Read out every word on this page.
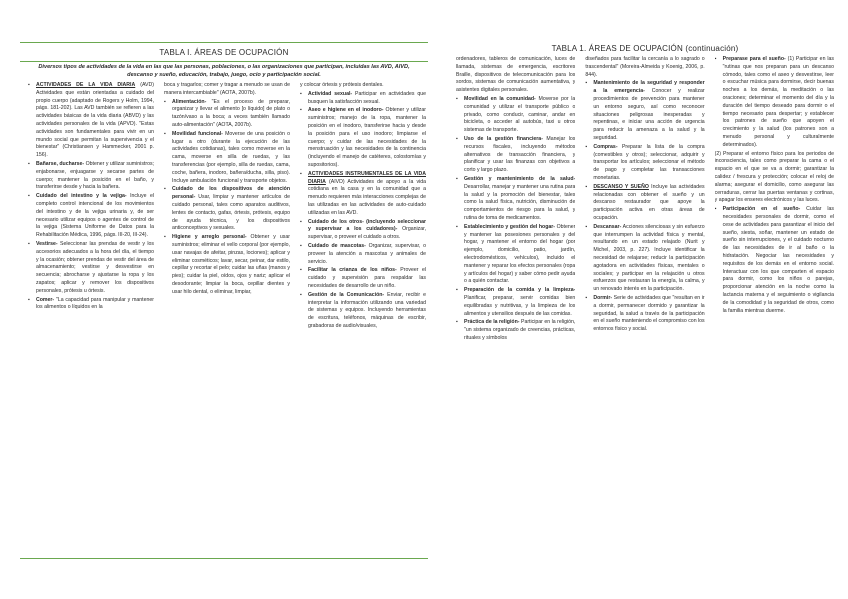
TABLA I. ÁREAS DE OCUPACIÓN
Diversos tipos de actividades de la vida en las que las personas, poblaciones, o las organizaciones que participan, incluidas las AVD, AIVD, descanso y sueño, educación, trabajo, juego, ocio y participación social.

▪ ACTIVIDADES DE LA VIDA DIARIA (AVD) Actividades que están orientadas a cuidado del propio cuerpo (adaptado de Rogers y Holm, 1994, págs. 181-202). Las AVD también se refieren a las actividades básicas de la vida diaria (ABVD) y las actividades personales de la vida (APVD). "Estas actividades son fundamentales para vivir en un mundo social que permitan la supervivencia y el bienestar" (Christiansen y Hammecker, 2001 p. 156).

▪ Bañarse, ducharse- Obtener y utilizar suministros; enjabonarse, enjuagarse y secarse partes de cuerpo; mantener la posición en el baño, y transferirse desde y hacia la bañera.

▪ Cuidado del intestino y la vejiga- Incluye el completo control intencional de los movimientos del intestino y de la vejiga urinaria y, de ser necesario utilizar equipos o agentes de control de la vejiga (Sistema Uniforme de Datos para la Rehabilitación Médica, 1996, págs. III-20, III-24).

▪ Vestirse- Seleccionar las prendas de vestir y los accesorios adecuados a la hora del día, el tiempo y la ocasión; obtener prendas de vestir del área de almacenamiento; vestirse y desvestirse en secuencia; abrocharse y ajustarse la ropa y los zapatos; aplicar y remover los dispositivos personales, prótesis u órtesis.

▪ Comer- "La capacidad para manipular y mantener los alimentos o líquidos en la

boca y tragarlos; comer y tragar a menudo se usan de manera intercambiable" (AOTA, 2007b).

▪ Alimentación- "Es el proceso de preparar, organizar y llevar el alimento [o líquido] de plato o tazón/vaso a la boca; a veces también llamado auto-alimentación" (AOTA, 2007b).

▪ Movilidad funcional- Moverse de una posición o lugar a otro (durante la ejecución de las actividades cotidianas), tales como moverse en la cama, moverse en silla de ruedas, y las transferencias (por ejemplo, silla de ruedas, cama, coche, bañera, inodoro, bañera/ducha, silla, piso). Incluye ambulación funcional y transporte objetos.

▪ Cuidado de los dispositivos de atención personal- Usar, limpiar y mantener artículos de cuidado personal, tales como aparatos auditivos, lentes de contacto, gafas, órtesis, prótesis, equipo de ayuda técnica, y los dispositivos anticonceptivos y sexuales.

▪ Higiene y arreglo personal- Obtener y usar suministros; eliminar el vello corporal (por ejemplo, usar navajas de afeitar, pinzas, lociones); aplicar y eliminar cosméticos; lavar, secar, peinar, dar estilo, cepillar y recortar el pelo; cuidar las uñas (manos y pies); cuidar la piel, oídos, ojos y nariz; aplicar el desodorante; limpiar la boca, cepillar dientes y usar hilo dental, o eliminar, limpiar,

y colocar órtesis y prótesis dentales.

▪ Actividad sexual- Participar en actividades que busquen la satisfacción sexual.

▪ Aseo e higiene en el inodoro- Obtener y utilizar suministros; manejo de la ropa, mantener la posición en el inodoro, transferirse hacia y desde la posición para el uso inodoro; limpiarse el cuerpo; y cuidar de las necesidades de la menstruación y las necesidades de la continencia (incluyendo el manejo de catéteres, colostomías y supositorios).

▪ ACTIVIDADES INSTRUMENTALES DE LA VIDA DIARIA (AIVD) Actividades de apoyo a la vida cotidiana en la casa y en la comunidad que a menudo requieren más interacciones complejas de las utilizadas en las actividades de auto-cuidado utilizadas en las AVD.

▪ Cuidado de los otros- (incluyendo seleccionar y supervisar a los cuidadores)- Organizar, supervisar, o proveer el cuidado a otros.

▪ Cuidado de mascotas- Organizar, supervisar, o proveer la atención a mascotas y animales de servicio.

▪ Facilitar la crianza de los niños- Proveer el cuidado y supervisión para respaldar las necesidades de desarrollo de un niño.

▪ Gestión de la Comunicación- Enviar, recibir e interpretar la información utilizando una variedad de sistemas y equipos. Incluyendo herramientas de escritura, teléfonos, máquinas de escribir, grabadoras de audio/visuales,

TABLA 1. ÁREAS DE OCUPACIÓN (continuación)

ordenadores, tableros de comunicación, luces de llamada, sistemas de emergencia, escritores Braille, dispositivos de telecomunicación para los sordos, sistemas de comunicación aumentativa, y asistentes digitales personales.

▪ Movilidad en la comunidad- Moverse por la comunidad y utilizar el transporte público o privado, como conducir, caminar, andar en bicicleta, o acceder al autobús, taxi u otros sistemas de transporte.

▪ Uso de la gestión financiera- Manejar los recursos fiscales, incluyendo métodos alternativos de transacción financiera, y planificar y usar las finanzas con objetivos a corto y largo plazo.

▪ Gestión y mantenimiento de la salud- Desarrollar, manejar y mantener una rutina para la salud y la promoción del bienestar, tales como la salud física, nutrición, disminución de comportamientos de riesgo para la salud, y rutina de toma de medicamentos.

▪ Establecimiento y gestión del hogar- Obtener y mantener las posesiones personales y del hogar, y mantener el entorno del hogar (por ejemplo, domicilio, patio, jardín, electrodomésticos, vehículos), incluido el mantener y reparar los efectos personales (ropa y artículos del hogar) y saber cómo pedir ayuda o a quién contactar.

▪ Preparación de la comida y la limpieza- Planificar, preparar, servir comidas bien equilibradas y nutritivas, y la limpieza de los alimentos y utensilios después de las comidas.

▪ Práctica de la religión- Participar en la religión, "un sistema organizado de creencias, prácticas, rituales y símbolos

diseñados para facilitar la cercanía a lo sagrado o trascendental" (Moreira-Almeida y Koenig, 2006, p. 844).

▪ Mantenimiento de la seguridad y responder a la emergencia- Conocer y realizar procedimientos de prevención para mantener un entorno seguro, así como reconocer situaciones peligrosas inesperadas y repentinas, e iniciar una acción de urgencia para reducir la amenaza a la salud y la seguridad.

▪ Compras- Preparar la lista de la compra (comestibles y otros); seleccionar, adquirir y transportar los artículos; seleccionar el método de pago y completar las transacciones monetarias.

▪ DESCANSO Y SUEÑO Incluye las actividades relacionadas con obtener el sueño y un descanso restaurador que apoye la participación activa en otras áreas de ocupación.

▪ Descansar- Acciones silenciosas y sin esfuerzo que interrumpen la actividad física y mental, resultando en un estado relajado (Nurit y Michel, 2003, p. 227). Incluye identificar la necesidad de relajarse; reducir la participación agotadora en actividades físicas, mentales o sociales; y participar en la relajación u otros esfuerzos que restauran la energía, la calma, y un renovado interés en la participación.

▪ Dormir- Serie de actividades que "resultan en ir a dormir, permanecer dormido y garantizar la seguridad, la salud a través de la participación en el sueño manteniendo el compromiso con los entornos físico y social.

▪ Preparase para el sueño- (1) Participar en las "rutinas que nos preparan para un descanso cómodo, tales como el aseo y desvestirse, leer o escuchar música para dormirse, decir buenas noches a los demás, la meditación o las oraciones; determinar el momento del día y la duración del tiempo deseado para dormir o el tiempo necesario para despertar; y establecer los patrones de sueño que apoyen el crecimiento y la salud (los patrones son a menudo personal y culturalmente determinados).

(2) Preparar el entorno físico para los periodos de inconsciencia, tales como preparar la cama o el espacio en el que se va a dormir; garantizar la calidez / frescura y protección; colocar el reloj de alarma; asegurar el domicilio, como asegurar las cerraduras, cerrar las puertas ventanas y cortinas, y apagar los enseres electrónicos y las luces.

▪ Participación en el sueño- Cuidar las necesidades personales de dormir, como el cese de actividades para garantizar el inicio del sueño, siesta, soñar, mantener un estado de sueño sin interrupciones, y el cuidado nocturno de las necesidades de ir al baño o la hidratación. Negociar las necesidades y requisitos de los demás en el entorno social. Interactuar con los que comparten el espacio para dormir, como los niños o parejas, proporcionar atención en la noche como la lactancia materna y el seguimiento o vigilancia de la comodidad y la seguridad de otros, como la familia mientras duerme.
